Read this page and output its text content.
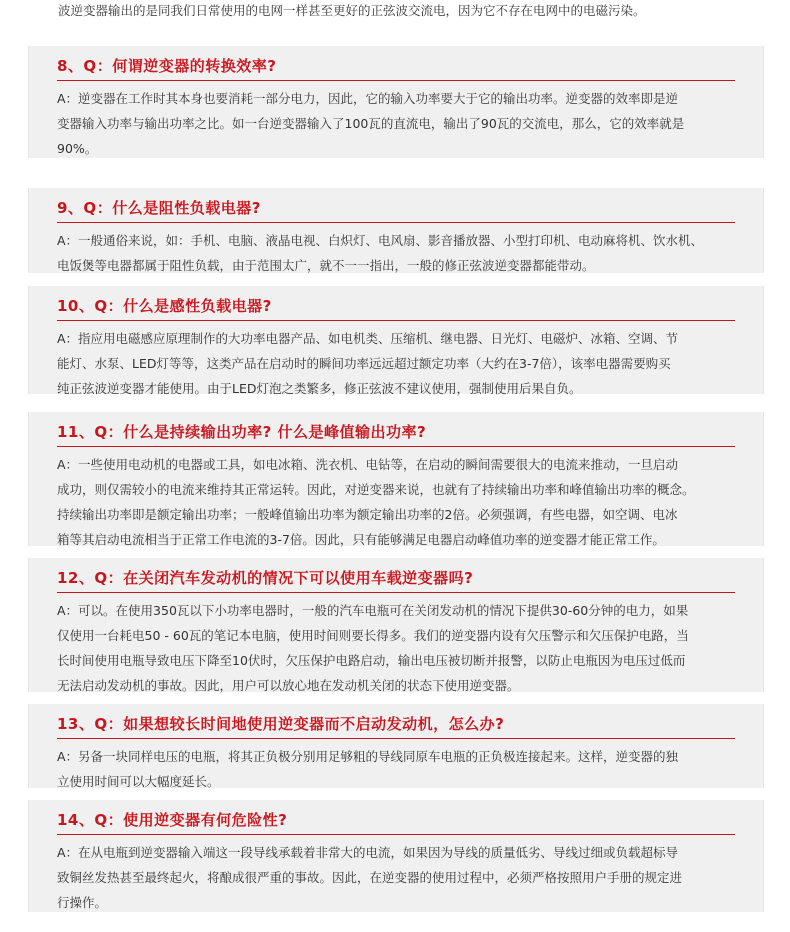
波逆变器输出的是同我们日常使用的电网一样甚至更好的正弦波交流电，因为它不存在电网中的电磁污染。
8、Q：何谓逆变器的转换效率?
A：逆变器在工作时其本身也要消耗一部分电力，因此，它的输入功率要大于它的输出功率。逆变器的效率即是逆
变器输入功率与输出功率之比。如一台逆变器输入了100瓦的直流电，输出了90瓦的交流电，那么，它的效率就是
90%。
9、Q：什么是阻性负载电器?
A：一般通俗来说，如：手机、电脑、液晶电视、白炽灯、电风扇、影音播放器、小型打印机、电动麻将机、饮水机、
电饭煲等电器都属于阻性负载，由于范围太广，就不一一指出，一般的修正弦波逆变器都能带动。
10、Q：什么是感性负载电器?
A：指应用电磁感应原理制作的大功率电器产品、如电机类、压缩机、继电器、日光灯、电磁炉、冰箱、空调、节
能灯、水泵、LED灯等等，这类产品在启动时的瞬间功率远远超过额定功率（大约在3-7倍），该率电器需要购买
纯正弦波逆变器才能使用。由于LED灯泡之类繁多，修正弦波不建议使用，强制使用后果自负。
11、Q：什么是持续输出功率? 什么是峰值输出功率?
A：一些使用电动机的电器或工具，如电冰箱、洗衣机、电钻等，在启动的瞬间需要很大的电流来推动，一旦启动
成功，则仅需较小的电流来维持其正常运转。因此，对逆变器来说，也就有了持续输出功率和峰值输出功率的概念。
持续输出功率即是额定输出功率；一般峰值输出功率为额定输出功率的2倍。必须强调，有些电器，如空调、电冰
箱等其启动电流相当于正常工作电流的3-7倍。因此，只有能够满足电器启动峰值功率的逆变器才能正常工作。
12、Q：在关闭汽车发动机的情况下可以使用车载逆变器吗?
A：可以。在使用350瓦以下小功率电器时，一般的汽车电瓶可在关闭发动机的情况下提供30-60分钟的电力，如果
仅使用一台耗电50 - 60瓦的笔记本电脑，使用时间则要长得多。我们的逆变器内设有欠压警示和欠压保护电路，当
长时间使用电瓶导致电压下降至10伏时，欠压保护电路启动，输出电压被切断并报警，以防止电瓶因为电压过低而
无法启动发动机的事故。因此，用户可以放心地在发动机关闭的状态下使用逆变器。
13、Q：如果想较长时间地使用逆变器而不启动发动机，怎么办?
A：另备一块同样电压的电瓶，将其正负极分别用足够粗的导线同原车电瓶的正负极连接起来。这样，逆变器的独
立使用时间可以大幅度延长。
14、Q：使用逆变器有何危险性?
A：在从电瓶到逆变器输入端这一段导线承载着非常大的电流，如果因为导线的质量低劣、导线过细或负载超标导
致铜丝发热甚至最终起火，将酿成很严重的事故。因此，在逆变器的使用过程中，必须严格按照用户手册的规定进
行操作。
